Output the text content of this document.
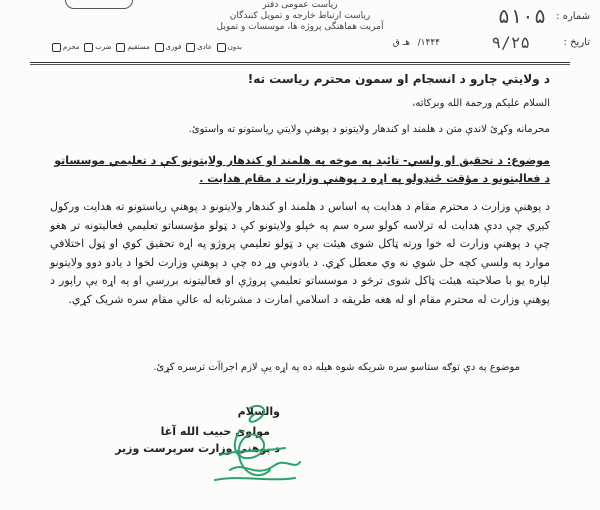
رياست عمومی دفتر
رياست ارتباط خارجه و تمويل کنندگان
آمريت هماهنگی پروژه ها، موسسات و تمويل
شماره :
۵۱۰۵
تاريخ :
۹/۲۵
۱۴۴۴/
هـ ق
بدون
عادی
فوری
مستقيم
ضرب
محرم
د ولايتي چارو د انسجام او سمون محترم رياست ته!
السلام عليکم ورحمة الله وبرکاته،
محرمانه وکړئ لاندې متن د هلمند او کندهار ولايتونو د پوهنې ولايتي رياستونو ته واستوئ.
موضوع: د تحقيق او ولسي- تائيد په موخه په هلمند او کندهار ولايتونو کې د تعليمي موسساتو د فعاليتونو د مؤقت ځنډولو په اړه د پوهنې وزارت د مقام هدايت .
د پوهنې وزارت د محترم مقام د هدايت په اساس د هلمند او کندهار ولايتونو د پوهنې رياستونو ته هدايت ورکول کيږي چې ددې هدايت له ترلاسه کولو سره سم په خپلو ولايتونو کې د ټولو مؤسساتو تعليمي فعاليتونه تر هغو چې د پوهنې وزارت له خوا ورته ټاکل شوی هيئت يې د ټولو تعليمي پروژو په اړه تحقيق کوي او ټول اختلافي موارد په ولسي کچه حل شوي نه وي معطل کړي. د يادونې وړ ده چې د پوهنې وزارت لخوا د يادو دوو ولايتونو لپاره يو با صلاحيته هيئت ټاکل شوی ترڅو د موسساتو تعليمي پروژې او فعاليتونه بررسي او په اړه يې راپور د پوهنې وزارت له محترم مقام او له هغه طريقه د اسلامي امارت د مشرتابه له عالي مقام سره شريک کړي.
موضوع په دې توګه ستاسو سره شريکه شوه هيله ده په اړه يې لازم اجراآت ترسره کړئ.
والسلام
مولوی حبيب الله آغا
د پوهنې وزارت سرپرست وزير
